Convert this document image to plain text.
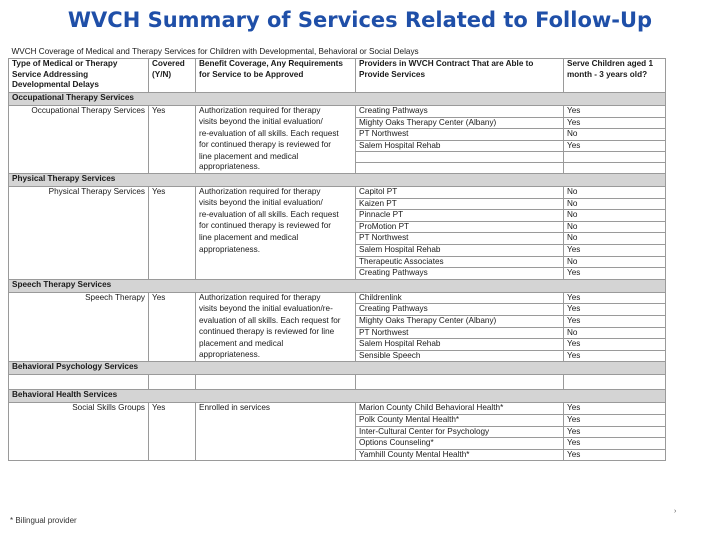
WVCH Summary of Services Related to Follow-Up
WVCH Coverage of Medical and Therapy Services for Children with Developmental, Behavioral or Social Delays				
Type of Medical or Therapy Service Addressing Developmental Delays	Covered (Y/N)	Benefit Coverage, Any Requirements for Service to be Approved	Providers in WVCH Contract That are Able to Provide Services	Serve Children aged 1 month - 3 years old?
Occupational Therapy Services				
Occupational Therapy Services	Yes	Authorization required for therapy	Creating Pathways	Yes
		visits beyond the initial evaluation/	Mighty Oaks Therapy Center (Albany)	Yes
		re-evaluation of all skills. Each request	PT Northwest	No
		for continued therapy is reviewed for	Salem Hospital Rehab	Yes
		line placement and medical		
		appropriateness.		
Physical Therapy Services				
Physical Therapy Services	Yes	Authorization required for therapy	Capitol PT	No
		visits beyond the initial evaluation/	Kaizen PT	No
		re-evaluation of all skills. Each request	Pinnacle PT	No
		for continued therapy is reviewed for	ProMotion PT	No
		line placement and medical	PT Northwest	No
		appropriateness.	Salem Hospital Rehab	Yes
			Therapeutic Associates	No
			Creating Pathways	Yes
Speech Therapy Services				
Speech Therapy	Yes	Authorization required for therapy	Childrenlink	Yes
		visits beyond the initial evaluation/re-	Creating Pathways	Yes
		evaluation of all skills. Each request for	Mighty Oaks Therapy Center (Albany)	Yes
		continued therapy is reviewed for line	PT Northwest	No
		placement and medical	Salem Hospital Rehab	Yes
		appropriateness.	Sensible Speech	Yes
Behavioral Psychology Services				

Behavioral Health Services				
Social Skills Groups	Yes	Enrolled in services	Marion County Child Behavioral Health*	Yes
			Polk County Mental Health*	Yes
			Inter-Cultural Center for Psychology	Yes
			Options Counseling*	Yes
			Yamhill County Mental Health*	Yes
* Bilingual provider
›
